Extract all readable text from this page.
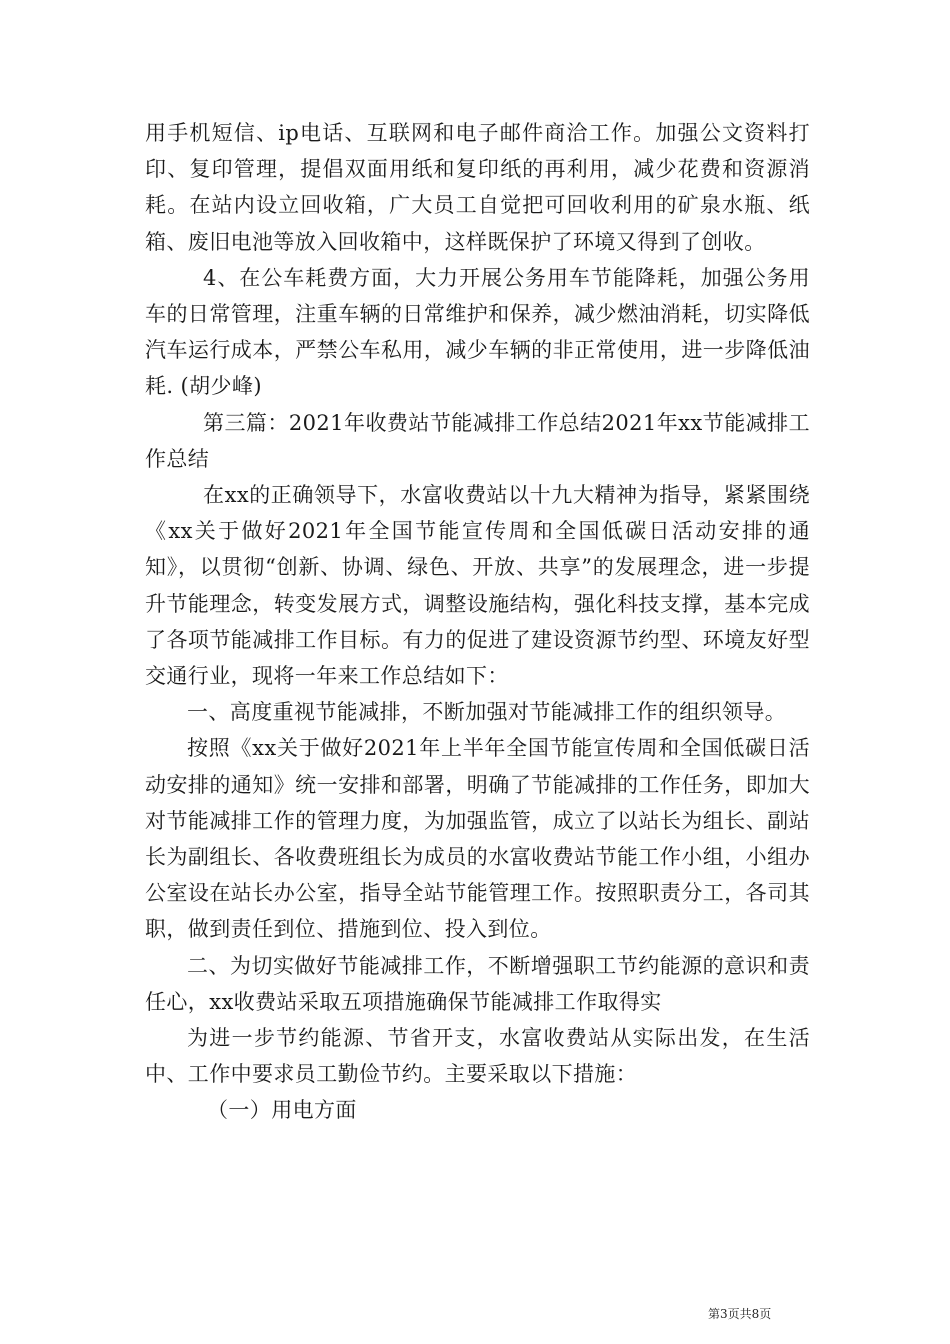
用手机短信、ip电话、互联网和电子邮件商洽工作。加强公文资料打印、复印管理，提倡双面用纸和复印纸的再利用，减少花费和资源消耗。在站内设立回收箱，广大员工自觉把可回收利用的矿泉水瓶、纸箱、废旧电池等放入回收箱中，这样既保护了环境又得到了创收。

4、在公车耗费方面，大力开展公务用车节能降耗，加强公务用车的日常管理，注重车辆的日常维护和保养，减少燃油消耗，切实降低汽车运行成本，严禁公车私用，减少车辆的非正常使用，进一步降低油耗. (胡少峰)

第三篇：2021年收费站节能减排工作总结2021年xx节能减排工作总结

在xx的正确领导下，水富收费站以十九大精神为指导，紧紧围绕《xx关于做好2021年全国节能宣传周和全国低碳日活动安排的通知》，以贯彻“创新、协调、绿色、开放、共享”的发展理念，进一步提升节能理念，转变发展方式，调整设施结构，强化科技支撑，基本完成了各项节能减排工作目标。有力的促进了建设资源节约型、环境友好型交通行业，现将一年来工作总结如下：

一、高度重视节能减排，不断加强对节能减排工作的组织领导。

按照《xx关于做好2021年上半年全国节能宣传周和全国低碳日活动安排的通知》统一安排和部署，明确了节能减排的工作任务，即加大对节能减排工作的管理力度，为加强监管，成立了以站长为组长、副站长为副组长、各收费班组长为成员的水富收费站节能工作小组，小组办公室设在站长办公室，指导全站节能管理工作。按照职责分工，各司其职，做到责任到位、措施到位、投入到位。

二、为切实做好节能减排工作，不断增强职工节约能源的意识和责任心，xx收费站采取五项措施确保节能减排工作取得实

为进一步节约能源、节省开支，水富收费站从实际出发，在生活中、工作中要求员工勤俭节约。主要采取以下措施：

（一）用电方面

第3页共8页
